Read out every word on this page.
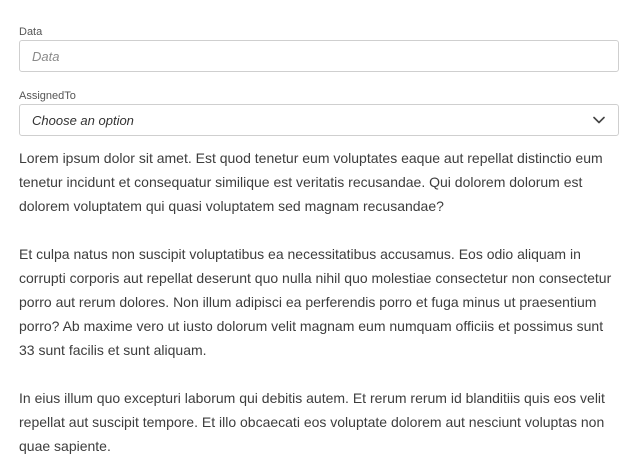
Data
Data
AssignedTo
Choose an option

Lorem ipsum dolor sit amet. Est quod tenetur eum voluptates eaque aut repellat distinctio eum tenetur incidunt et consequatur similique est veritatis recusandae. Qui dolorem dolorum est dolorem voluptatem qui quasi voluptatem sed magnam recusandae?

Et culpa natus non suscipit voluptatibus ea necessitatibus accusamus. Eos odio aliquam in corrupti corporis aut repellat deserunt quo nulla nihil quo molestiae consectetur non consectetur porro aut rerum dolores. Non illum adipisci ea perferendis porro et fuga minus ut praesentium porro? Ab maxime vero ut iusto dolorum velit magnam eum numquam officiis et possimus sunt 33 sunt facilis et sunt aliquam.

In eius illum quo excepturi laborum qui debitis autem. Et rerum rerum id blanditiis quis eos velit repellat aut suscipit tempore. Et illo obcaecati eos voluptate dolorem aut nesciunt voluptas non quae sapiente.
